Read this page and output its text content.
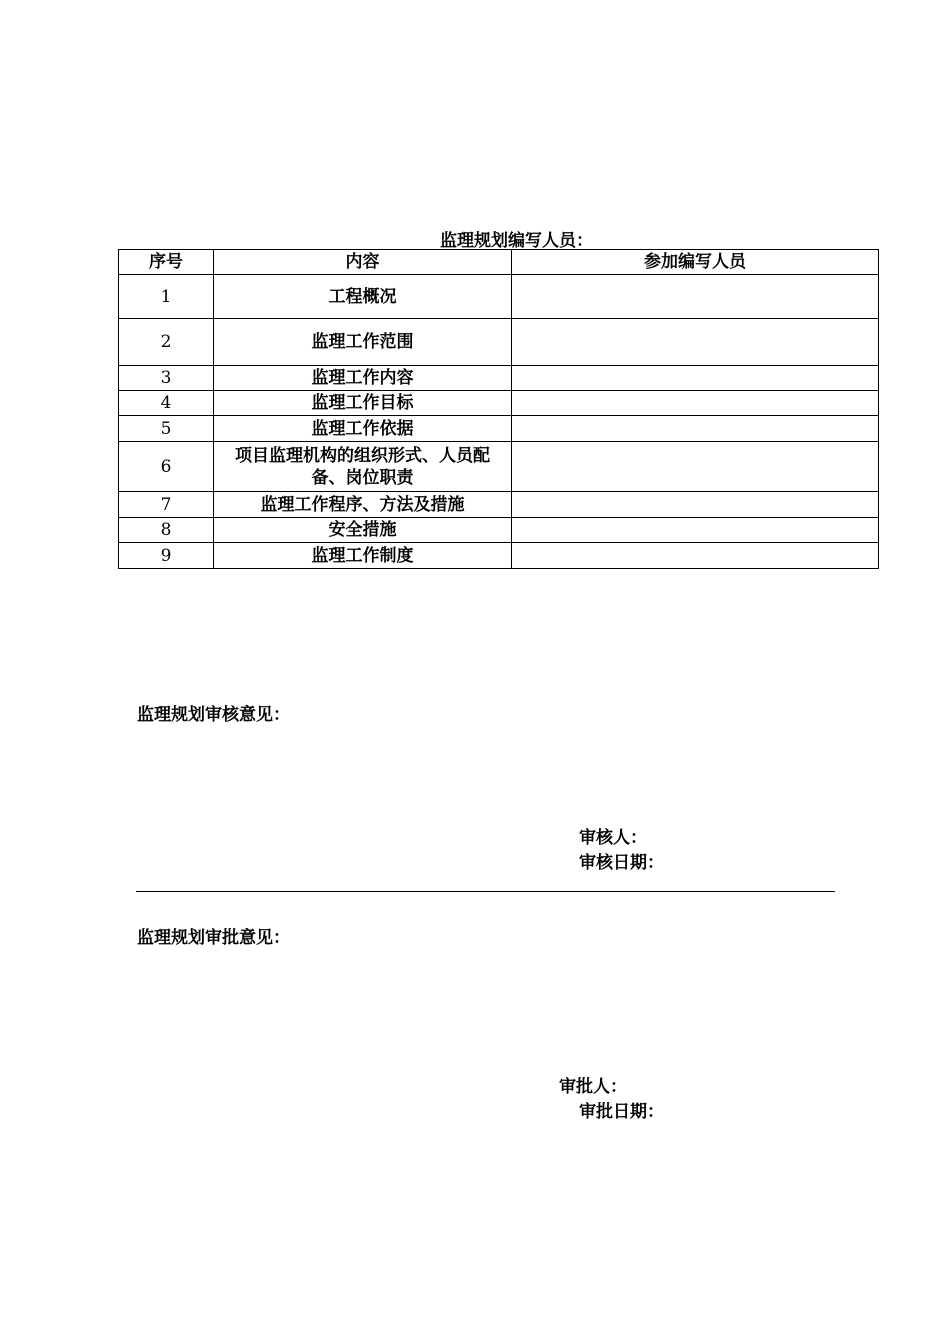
监理规划编写人员：
序号	内容	参加编写人员
1	工程概况	
2	监理工作范围	
3	监理工作内容	
4	监理工作目标	
5	监理工作依据	
6	项目监理机构的组织形式、人员配备、岗位职责	
7	监理工作程序、方法及措施	
8	安全措施	
9	监理工作制度	
监理规划审核意见：
审核人：
审核日期：
监理规划审批意见：
审批人：
审批日期：
